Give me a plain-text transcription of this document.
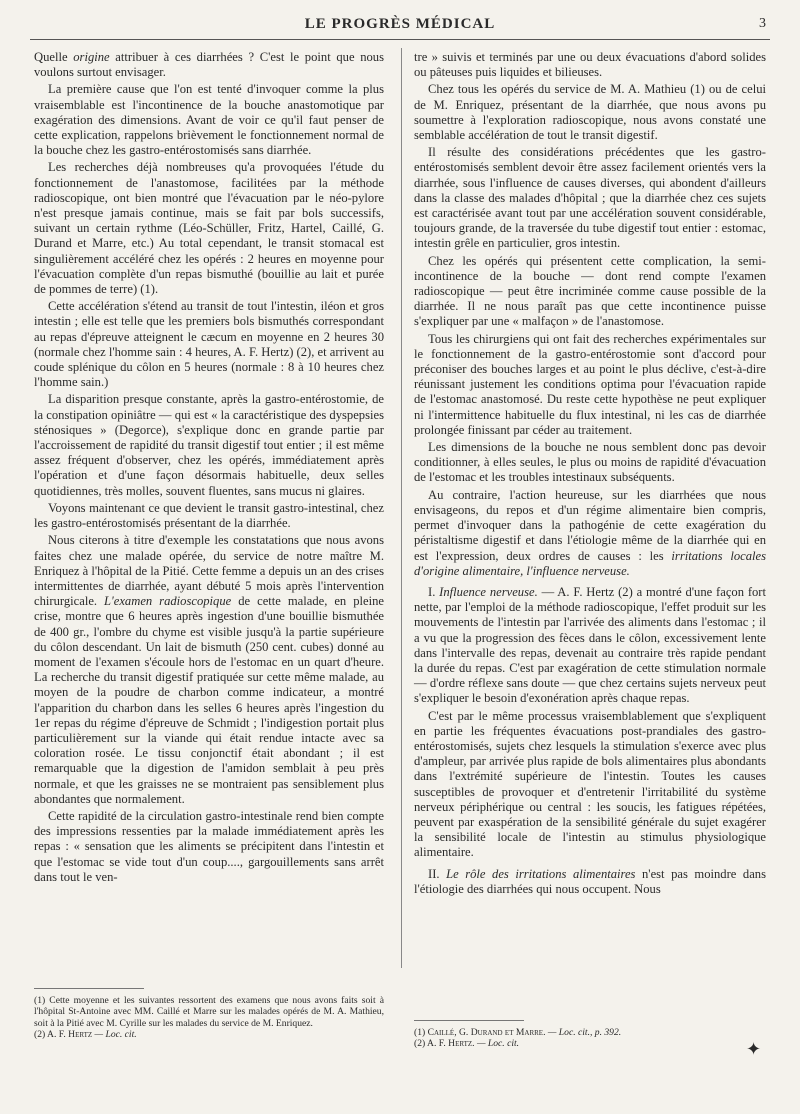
LE PROGRÈS MÉDICAL	3

Quelle origine attribuer à ces diarrhées ? C'est le point que nous voulons surtout envisager.

La première cause que l'on est tenté d'invoquer comme la plus vraisemblable est l'incontinence de la bouche anastomotique par exagération des dimensions. Avant de voir ce qu'il faut penser de cette explication, rappelons brièvement le fonctionnement normal de la bouche chez les gastro-entérostomisés sans diarrhée.

Les recherches déjà nombreuses qu'a provoquées l'étude du fonctionnement de l'anastomose, facilitées par la méthode radioscopique, ont bien montré que l'évacuation par le néo-pylore n'est presque jamais continue, mais se fait par bols successifs, suivant un certain rythme (Léo-Schüller, Fritz, Hartel, Caillé, G. Durand et Marre, etc.) Au total cependant, le transit stomacal est singulièrement accéléré chez les opérés : 2 heures en moyenne pour l'évacuation complète d'un repas bismuthé (bouillie au lait et purée de pommes de terre) (1).

Cette accélération s'étend au transit de tout l'intestin, iléon et gros intestin ; elle est telle que les premiers bols bismuthés correspondant au repas d'épreuve atteignent le cæcum en moyenne en 2 heures 30 (normale chez l'homme sain : 4 heures, A. F. Hertz) (2), et arrivent au coude splénique du côlon en 5 heures (normale : 8 à 10 heures chez l'homme sain.)

La disparition presque constante, après la gastro-entérostomie, de la constipation opiniâtre — qui est « la caractéristique des dyspepsies sténosiques » (Degorce), s'explique donc en grande partie par l'accroissement de rapidité du transit digestif tout entier ; il est même assez fréquent d'observer, chez les opérés, immédiatement après l'opération et d'une façon désormais habituelle, deux selles quotidiennes, très molles, souvent fluentes, sans mucus ni glaires.

Voyons maintenant ce que devient le transit gastro-intestinal, chez les gastro-entérostomisés présentant de la diarrhée.

Nous citerons à titre d'exemple les constatations que nous avons faites chez une malade opérée, du service de notre maître M. Enriquez à l'hôpital de la Pitié. Cette femme a depuis un an des crises intermittentes de diarrhée, ayant débuté 5 mois après l'intervention chirurgicale. L'examen radioscopique de cette malade, en pleine crise, montre que 6 heures après ingestion d'une bouillie bismuthée de 400 gr., l'ombre du chyme est visible jusqu'à la partie supérieure du côlon descendant. Un lait de bismuth (250 cent. cubes) donné au moment de l'examen s'écoule hors de l'estomac en un quart d'heure. La recherche du transit digestif pratiquée sur cette même malade, au moyen de la poudre de charbon comme indicateur, a montré l'apparition du charbon dans les selles 6 heures après l'ingestion du 1er repas du régime d'épreuve de Schmidt ; l'indigestion portait plus particulièrement sur la viande qui était rendue intacte avec sa coloration rosée. Le tissu conjonctif était abondant ; il est remarquable que la digestion de l'amidon semblait à peu près normale, et que les graisses ne se montraient pas sensiblement plus abondantes que normalement.

Cette rapidité de la circulation gastro-intestinale rend bien compte des impressions ressenties par la malade immédiatement après les repas : « sensation que les aliments se précipitent dans l'intestin et que l'estomac se vide tout d'un coup...., gargouillements sans arrêt dans tout le ven-

(1) Cette moyenne et les suivantes ressortent des examens que nous avons faits soit à l'hôpital St-Antoine avec MM. Caillé et Marre sur les malades opérés de M. A. Mathieu, soit à la Pitié avec M. Cyrille sur les malades du service de M. Enriquez.

(2) A. F. Hertz — Loc. cit.

tre » suivis et terminés par une ou deux évacuations d'abord solides ou pâteuses puis liquides et bilieuses.

Chez tous les opérés du service de M. A. Mathieu (1) ou de celui de M. Enriquez, présentant de la diarrhée, que nous avons pu soumettre à l'exploration radioscopique, nous avons constaté une semblable accélération de tout le transit digestif.

Il résulte des considérations précédentes que les gastro-entérostomisés semblent devoir être assez facilement orientés vers la diarrhée, sous l'influence de causes diverses, qui abondent d'ailleurs dans la classe des malades d'hôpital ; que la diarrhée chez ces sujets est caractérisée avant tout par une accélération souvent considérable, toujours grande, de la traversée du tube digestif tout entier : estomac, intestin grêle en particulier, gros intestin.

Chez les opérés qui présentent cette complication, la semi-incontinence de la bouche — dont rend compte l'examen radioscopique — peut être incriminée comme cause possible de la diarrhée. Il ne nous paraît pas que cette incontinence puisse s'expliquer par une « malfaçon » de l'anastomose.

Tous les chirurgiens qui ont fait des recherches expérimentales sur le fonctionnement de la gastro-entérostomie sont d'accord pour préconiser des bouches larges et au point le plus déclive, c'est-à-dire réunissant justement les conditions optima pour l'évacuation rapide de l'estomac anastomosé. Du reste cette hypothèse ne peut expliquer ni l'intermittence habituelle du flux intestinal, ni les cas de diarrhée prolongée finissant par céder au traitement.

Les dimensions de la bouche ne nous semblent donc pas devoir conditionner, à elles seules, le plus ou moins de rapidité d'évacuation de l'estomac et les troubles intestinaux subséquents.

Au contraire, l'action heureuse, sur les diarrhées que nous envisageons, du repos et d'un régime alimentaire bien compris, permet d'invoquer dans la pathogénie de cette exagération du péristaltisme digestif et dans l'étiologie même de la diarrhée qui en est l'expression, deux ordres de causes : les irritations locales d'origine alimentaire, l'influence nerveuse.

I. Influence nerveuse. — A. F. Hertz (2) a montré d'une façon fort nette, par l'emploi de la méthode radioscopique, l'effet produit sur les mouvements de l'intestin par l'arrivée des aliments dans l'estomac ; il a vu que la progression des fèces dans le côlon, excessivement lente dans l'intervalle des repas, devenait au contraire très rapide pendant la durée du repas. C'est par exagération de cette stimulation normale — d'ordre réflexe sans doute — que chez certains sujets nerveux peut s'expliquer le besoin d'exonération après chaque repas.

C'est par le même processus vraisemblablement que s'expliquent en partie les fréquentes évacuations post-prandiales des gastro-entérostomisés, sujets chez lesquels la stimulation s'exerce avec plus d'ampleur, par arrivée plus rapide de bols alimentaires plus abondants dans l'extrémité supérieure de l'intestin. Toutes les causes susceptibles de provoquer et d'entretenir l'irritabilité du système nerveux périphérique ou central : les soucis, les fatigues répétées, peuvent par exaspération de la sensibilité générale du sujet exagérer la sensibilité locale de l'intestin au stimulus physiologique alimentaire.

II. Le rôle des irritations alimentaires n'est pas moindre dans l'étiologie des diarrhées qui nous occupent. Nous

(1) Caillé, G. Durand et Marre. — Loc. cit., p. 392.

(2) A. F. Hertz. — Loc. cit.	✦
